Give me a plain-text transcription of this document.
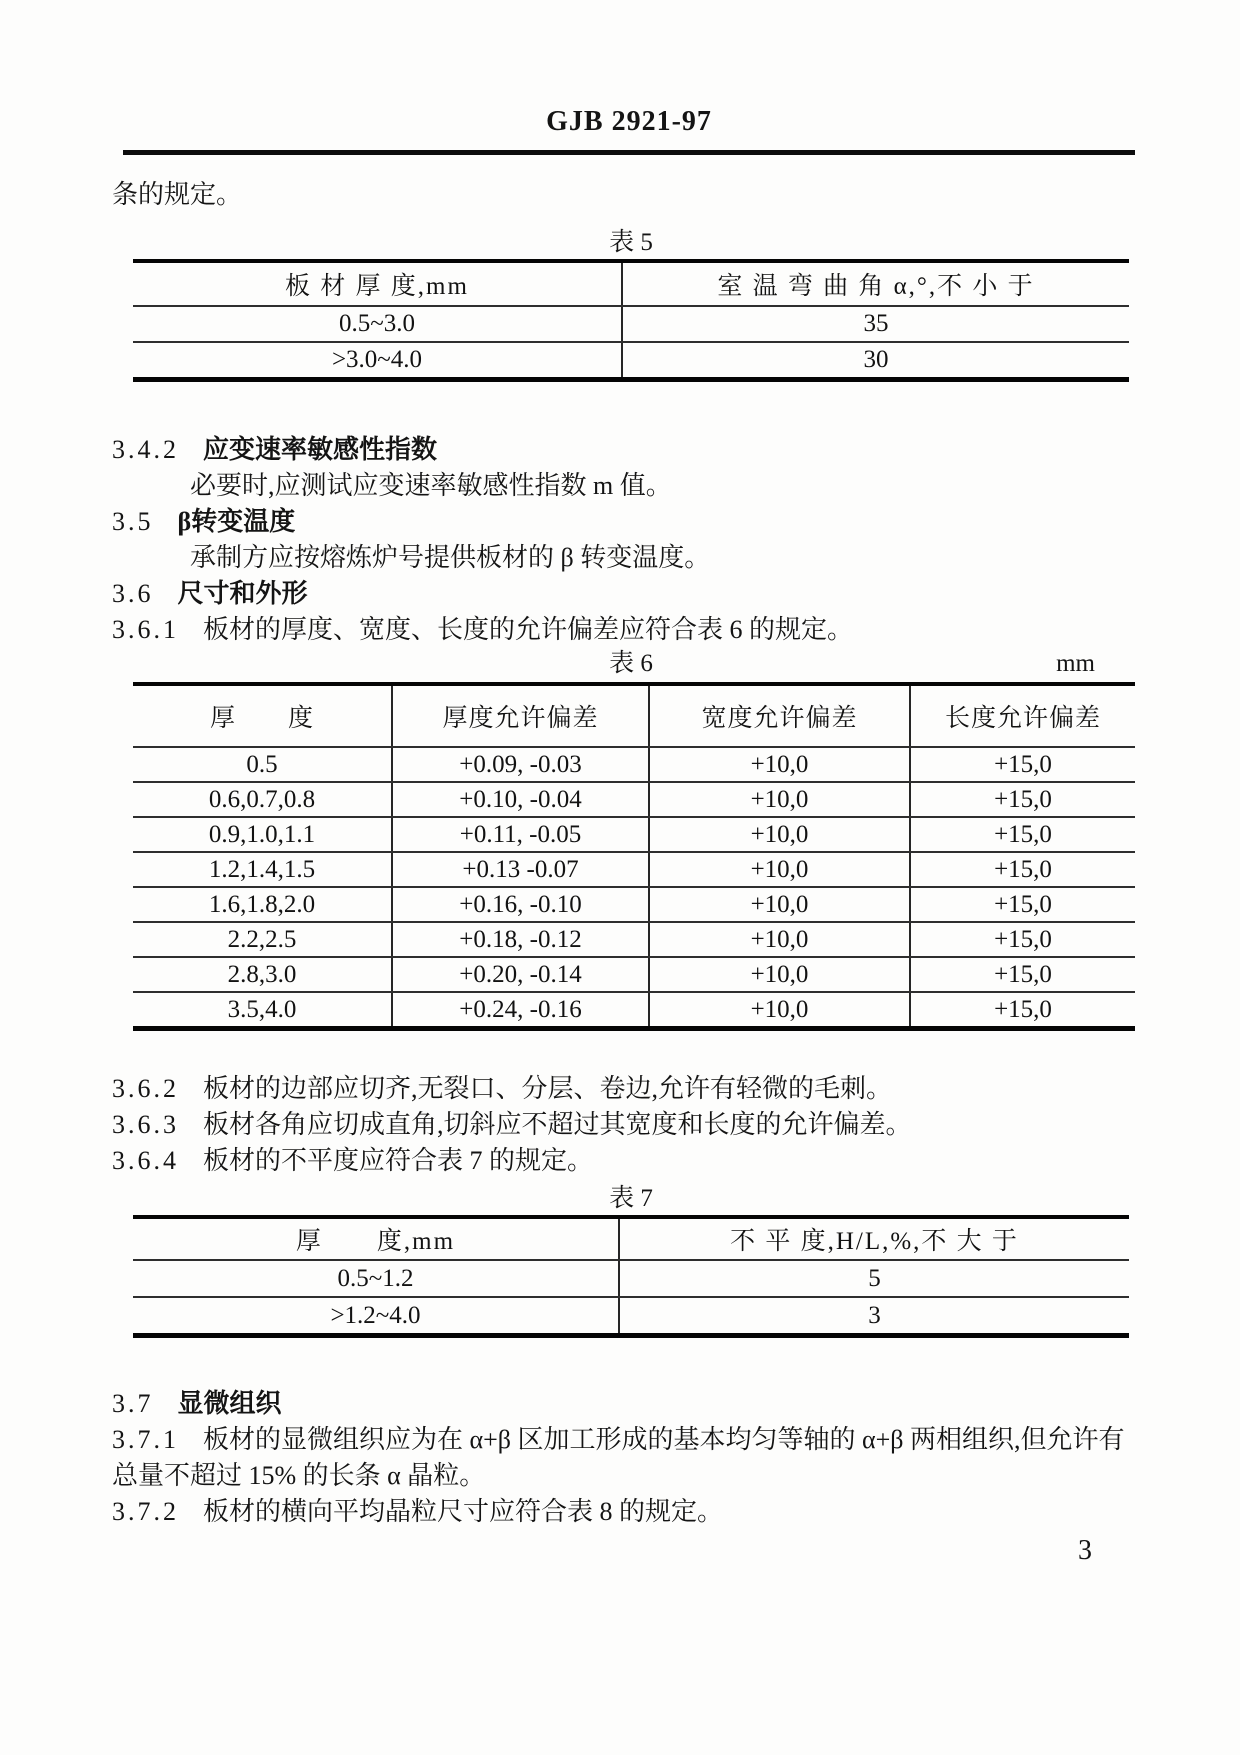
GJB 2921-97
条的规定。
表 5
板 材 厚 度,mm	室 温 弯 曲 角 α,°,不 小 于
0.5~3.0	35
>3.0~4.0	30
3.4.2 应变速率敏感性指数
必要时,应测试应变速率敏感性指数 m 值。
3.5 β转变温度
承制方应按熔炼炉号提供板材的 β 转变温度。
3.6 尺寸和外形
3.6.1 板材的厚度、宽度、长度的允许偏差应符合表 6 的规定。
表 6	mm
厚　　度	厚度允许偏差	宽度允许偏差	长度允许偏差
0.5	+0.09, -0.03	+10,0	+15,0
0.6,0.7,0.8	+0.10, -0.04	+10,0	+15,0
0.9,1.0,1.1	+0.11, -0.05	+10,0	+15,0
1.2,1.4,1.5	+0.13 -0.07	+10,0	+15,0
1.6,1.8,2.0	+0.16, -0.10	+10,0	+15,0
2.2,2.5	+0.18, -0.12	+10,0	+15,0
2.8,3.0	+0.20, -0.14	+10,0	+15,0
3.5,4.0	+0.24, -0.16	+10,0	+15,0
3.6.2 板材的边部应切齐,无裂口、分层、卷边,允许有轻微的毛刺。
3.6.3 板材各角应切成直角,切斜应不超过其宽度和长度的允许偏差。
3.6.4 板材的不平度应符合表 7 的规定。
表 7
厚　　度,mm	不 平 度,H/L,%,不 大 于
0.5~1.2	5
>1.2~4.0	3
3.7 显微组织
3.7.1 板材的显微组织应为在 α+β 区加工形成的基本均匀等轴的 α+β 两相组织,但允许有
总量不超过 15% 的长条 α 晶粒。
3.7.2 板材的横向平均晶粒尺寸应符合表 8 的规定。
3
